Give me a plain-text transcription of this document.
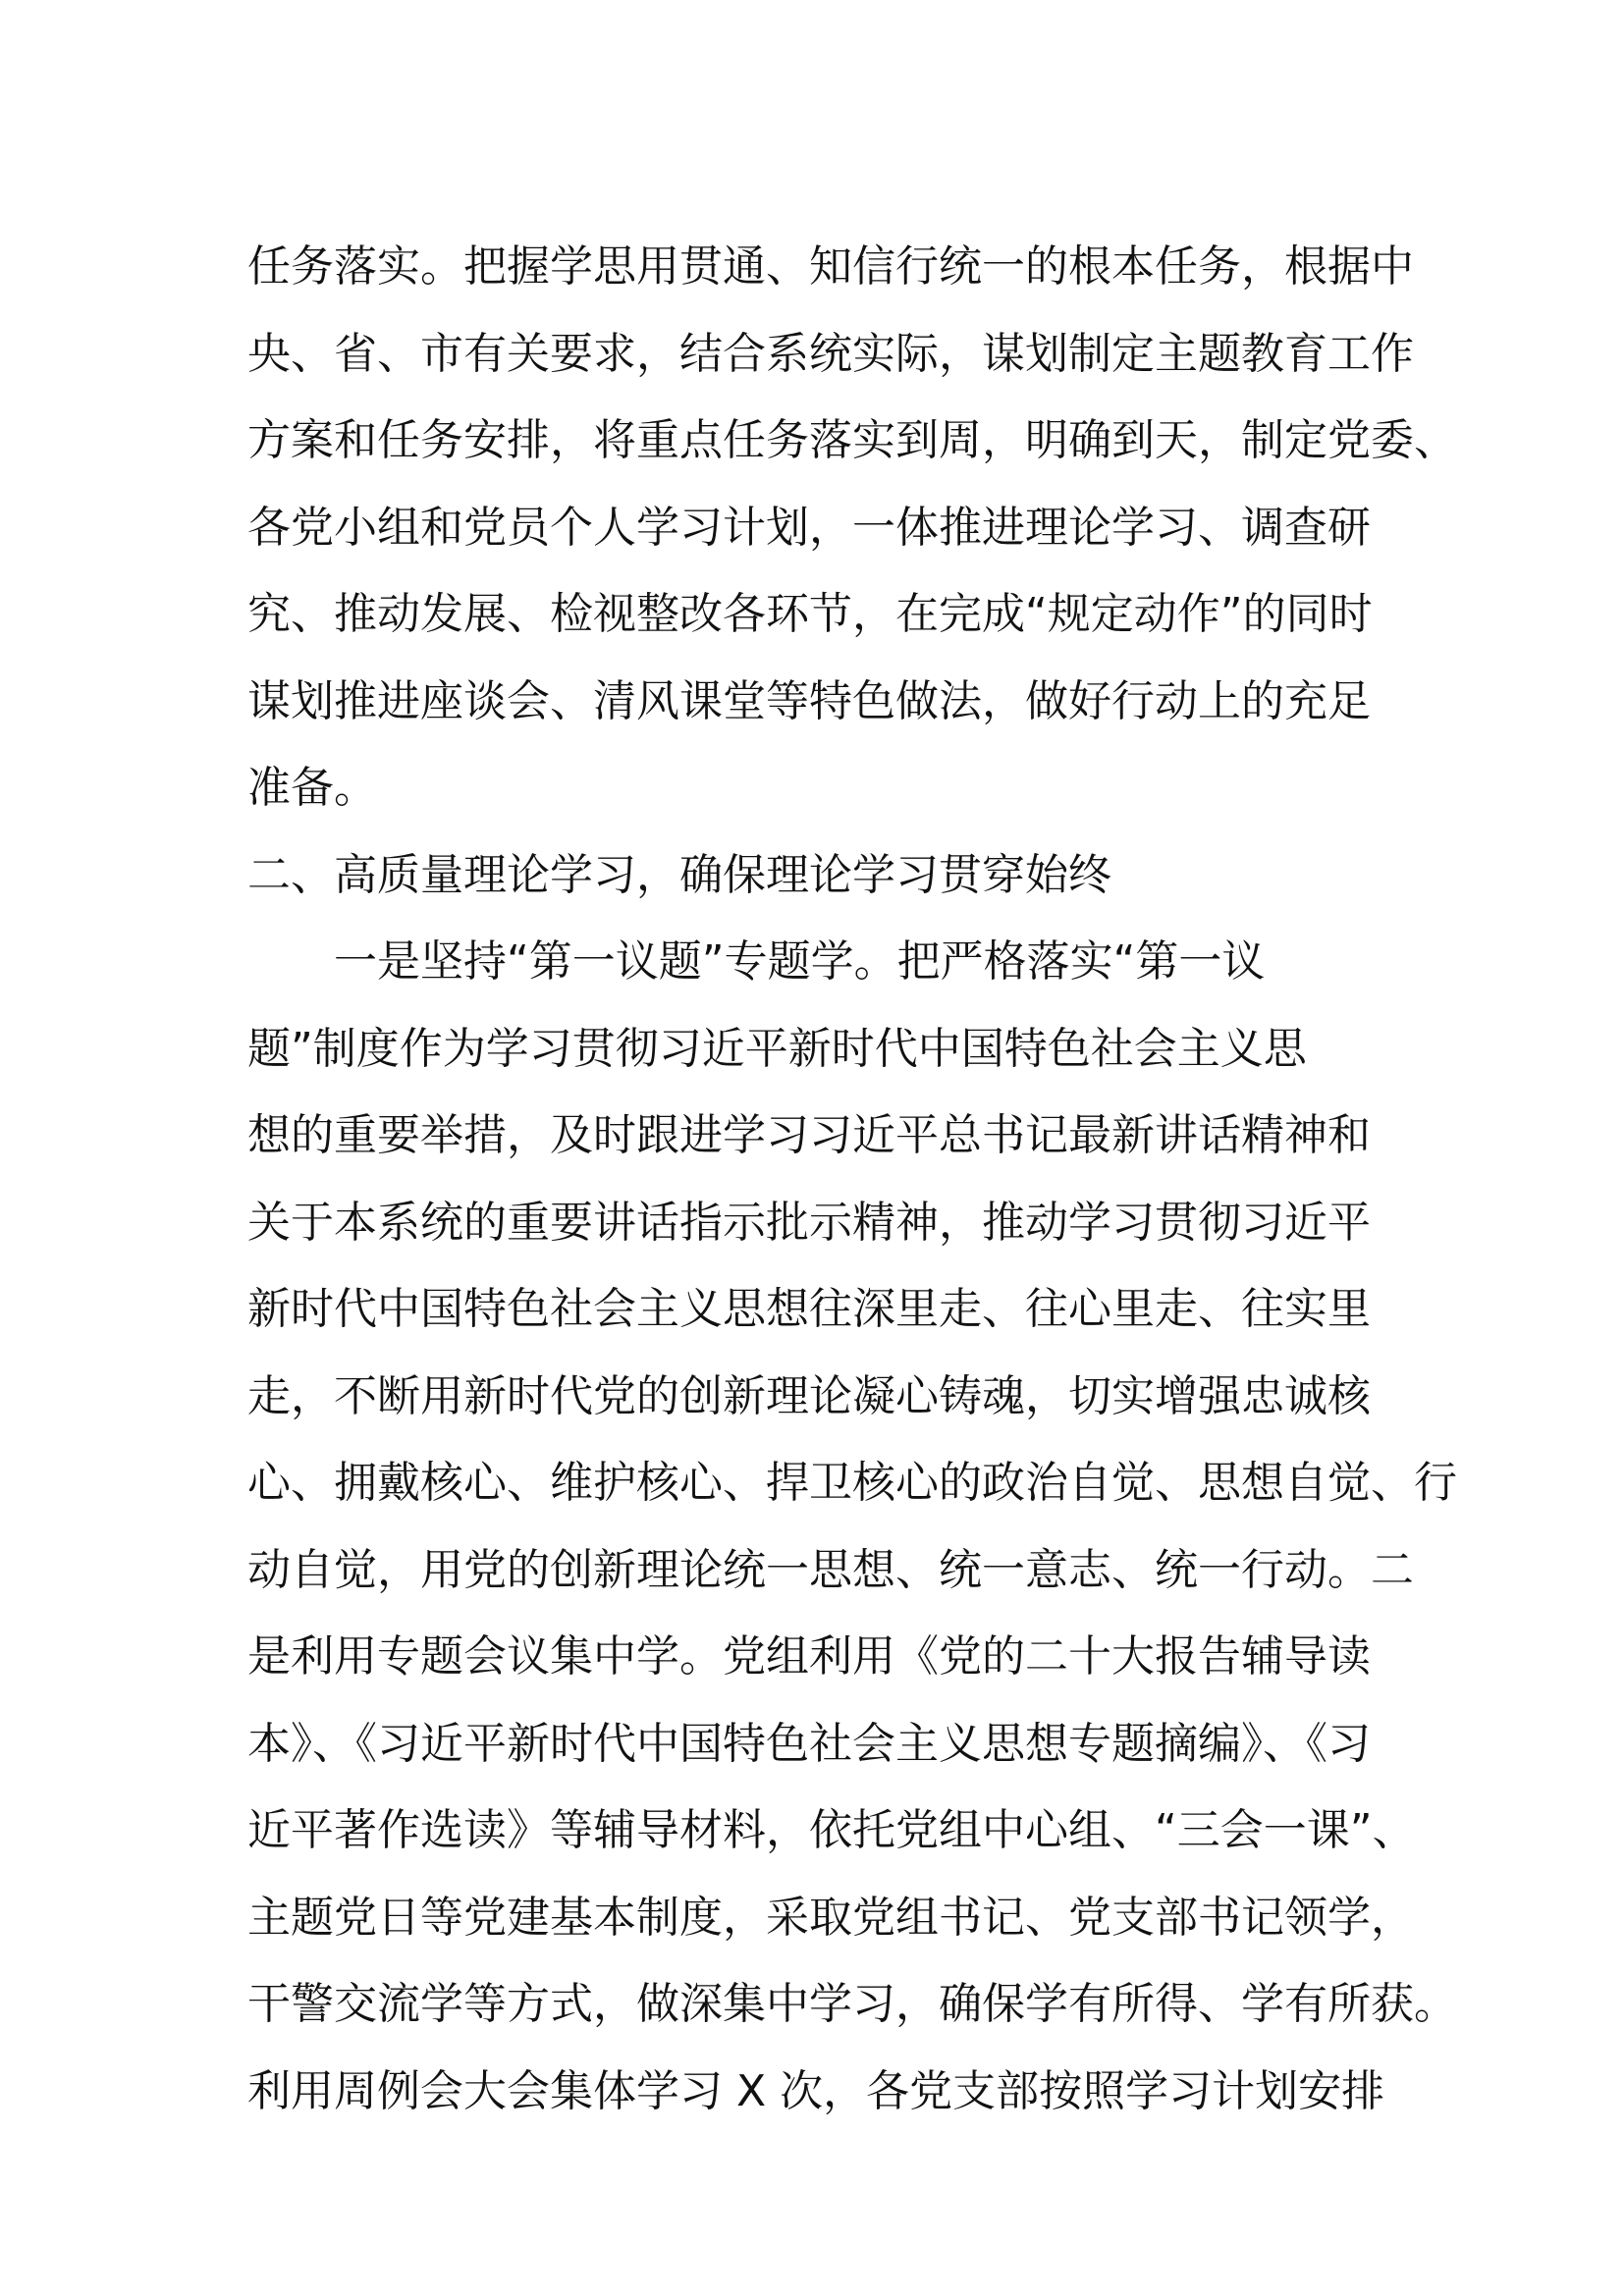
任务落实。把握学思用贯通、知信行统一的根本任务，根据中
央、省、市有关要求，结合系统实际，谋划制定主题教育工作
方案和任务安排，将重点任务落实到周，明确到天，制定党委、
各党小组和党员个人学习计划，一体推进理论学习、调查研
究、推动发展、检视整改各环节，在完成“规定动作”的同时
谋划推进座谈会、清风课堂等特色做法，做好行动上的充足
准备。
二、高质量理论学习，确保理论学习贯穿始终
一是坚持“第一议题”专题学。把严格落实“第一议
题”制度作为学习贯彻习近平新时代中国特色社会主义思
想的重要举措，及时跟进学习习近平总书记最新讲话精神和
关于本系统的重要讲话指示批示精神，推动学习贯彻习近平
新时代中国特色社会主义思想往深里走、往心里走、往实里
走，不断用新时代党的创新理论凝心铸魂，切实增强忠诚核
心、拥戴核心、维护核心、捍卫核心的政治自觉、思想自觉、行
动自觉，用党的创新理论统一思想、统一意志、统一行动。二
是利用专题会议集中学。党组利用《党的二十大报告辅导读
本》、《习近平新时代中国特色社会主义思想专题摘编》、《习
近平著作选读》等辅导材料，依托党组中心组、“三会一课”、
主题党日等党建基本制度，采取党组书记、党支部书记领学，
干警交流学等方式，做深集中学习，确保学有所得、学有所获。
利用周例会大会集体学习 X 次，各党支部按照学习计划安排
